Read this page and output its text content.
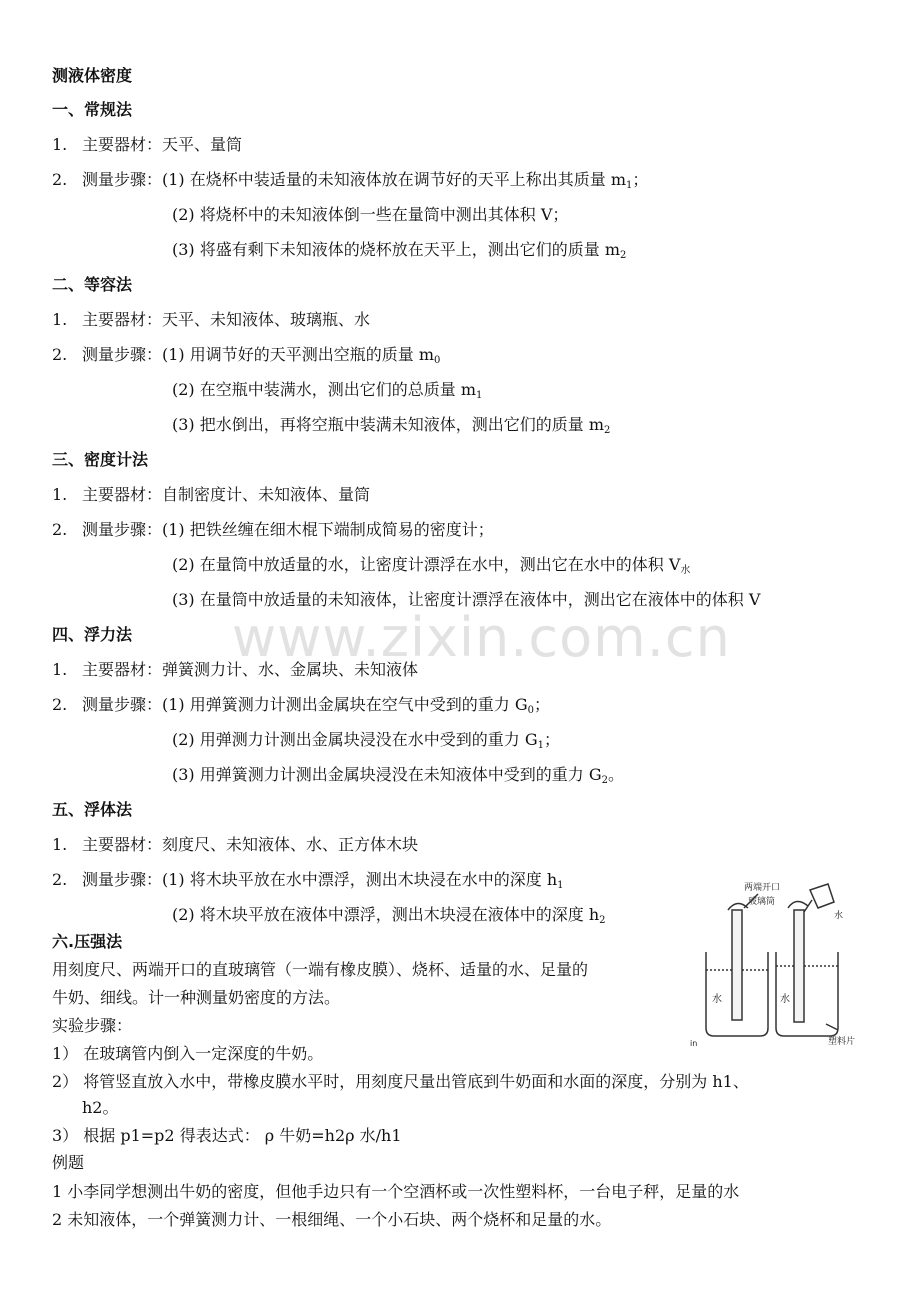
www.zixin.com.cn
测液体密度
一、常规法
1. 主要器材：天平、量筒
2. 测量步骤：(1) 在烧杯中装适量的未知液体放在调节好的天平上称出其质量 $m_1$；
(2) 将烧杯中的未知液体倒一些在量筒中测出其体积 V；
(3) 将盛有剩下未知液体的烧杯放在天平上，测出它们的质量 $m_2$
二、等容法
1. 主要器材：天平、未知液体、玻璃瓶、水
2. 测量步骤：(1) 用调节好的天平测出空瓶的质量 $m_0$
(2) 在空瓶中装满水，测出它们的总质量 $m_1$
(3) 把水倒出，再将空瓶中装满未知液体，测出它们的质量 $m_2$
三、密度计法
1. 主要器材：自制密度计、未知液体、量筒
2. 测量步骤：(1) 把铁丝缠在细木棍下端制成简易的密度计；
(2) 在量筒中放适量的水，让密度计漂浮在水中，测出它在水中的体积 $V_水$
(3) 在量筒中放适量的未知液体，让密度计漂浮在液体中，测出它在液体中的体积 V
四、浮力法
1. 主要器材：弹簧测力计、水、金属块、未知液体
2. 测量步骤：(1) 用弹簧测力计测出金属块在空气中受到的重力 $G_0$；
(2) 用弹测力计测出金属块浸没在水中受到的重力 $G_1$；
(3) 用弹簧测力计测出金属块浸没在未知液体中受到的重力 $G_2$。
五、浮体法
1. 主要器材：刻度尺、未知液体、水、正方体木块
2. 测量步骤：(1) 将木块平放在水中漂浮，测出木块浸在水中的深度 $h_1$
(2) 将木块平放在液体中漂浮，测出木块浸在液体中的深度 $h_2$
六.压强法
用刻度尺、两端开口的直玻璃管（一端有橡皮膜）、烧杯、适量的水、足量的
牛奶、细线。计一种测量奶密度的方法。
实验步骤：
1） 在玻璃管内倒入一定深度的牛奶。
2） 将管竖直放入水中，带橡皮膜水平时，用刻度尺量出管底到牛奶面和水面的深度，分别为 h1、
h2。
3） 根据 p1=p2 得表达式： ρ 牛奶=h2ρ 水/h1
例题
1 小李同学想测出牛奶的密度，但他手边只有一个空酒杯或一次性塑料杯，一台电子秤，足量的水
2 未知液体，一个弹簧测力计、一根细绳、一个小石块、两个烧杯和足量的水。
两端开口
玻璃筒
水
水	水
塑料片
in
